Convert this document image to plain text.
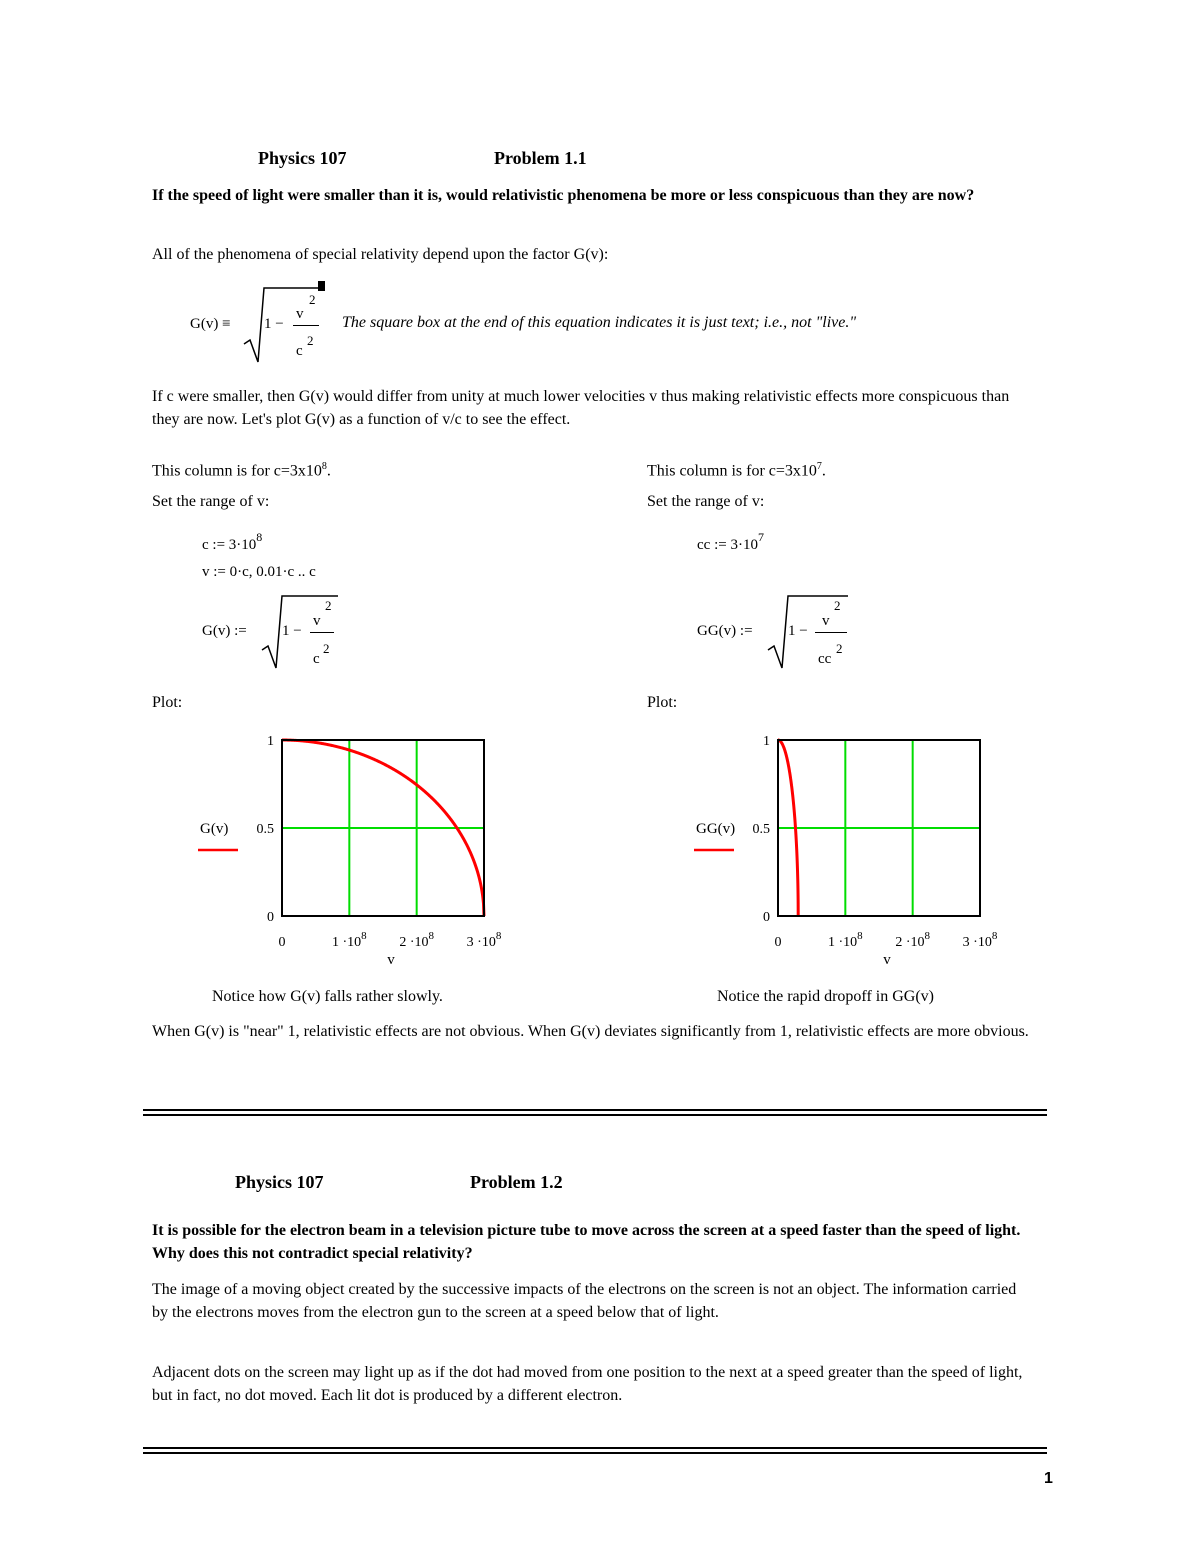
Physics 107	Problem 1.1
If the speed of light were smaller than it is, would relativistic phenomena be more or less conspicuous than they are now?
All of the phenomena of special relativity depend upon the factor G(v):
G(v) ≡ 1 −
v
2
c
2
The square box at the end of this equation indicates it is just text; i.e., not "live."
If c were smaller, then G(v) would differ from unity at much lower velocities v thus making relativistic effects more conspicuous than they are now. Let's plot G(v) as a function of v/c to see the effect.
This column is for $c=3x10^8$.
Set the range of v:
c := $3\cdot 10^8$
v := 0·c, 0.01·c .. c
G(v) := 1 −
v
2
c
2
Plot:
This column is for $c=3x10^7$.
Set the range of v:
cc := $3\cdot 10^7$
GG(v) := 1 −
v
2
cc
2
Plot:
0
0.5
1
0	$1 \cdot 10^8$ $2 \cdot 10^8$ $3 \cdot 10^8$
v
G(v)
0
0.5
1
0	$1 \cdot 10^8$ $2 \cdot 10^8$ $3 \cdot 10^8$
v
GG(v)
Notice how G(v) falls rather slowly.	Notice the rapid dropoff in GG(v)
When G(v) is "near" 1, relativistic effects are not obvious. When G(v) deviates significantly from 1, relativistic effects are more obvious.
Physics 107	Problem 1.2
It is possible for the electron beam in a television picture tube to move across the screen at a speed faster than the speed of light. Why does this not contradict special relativity?
The image of a moving object created by the successive impacts of the electrons on the screen is not an object. The information carried by the electrons moves from the electron gun to the screen at a speed below that of light.
Adjacent dots on the screen may light up as if the dot had moved from one position to the next at a speed greater than the speed of light, but in fact, no dot moved. Each lit dot is produced by a different electron.
1
